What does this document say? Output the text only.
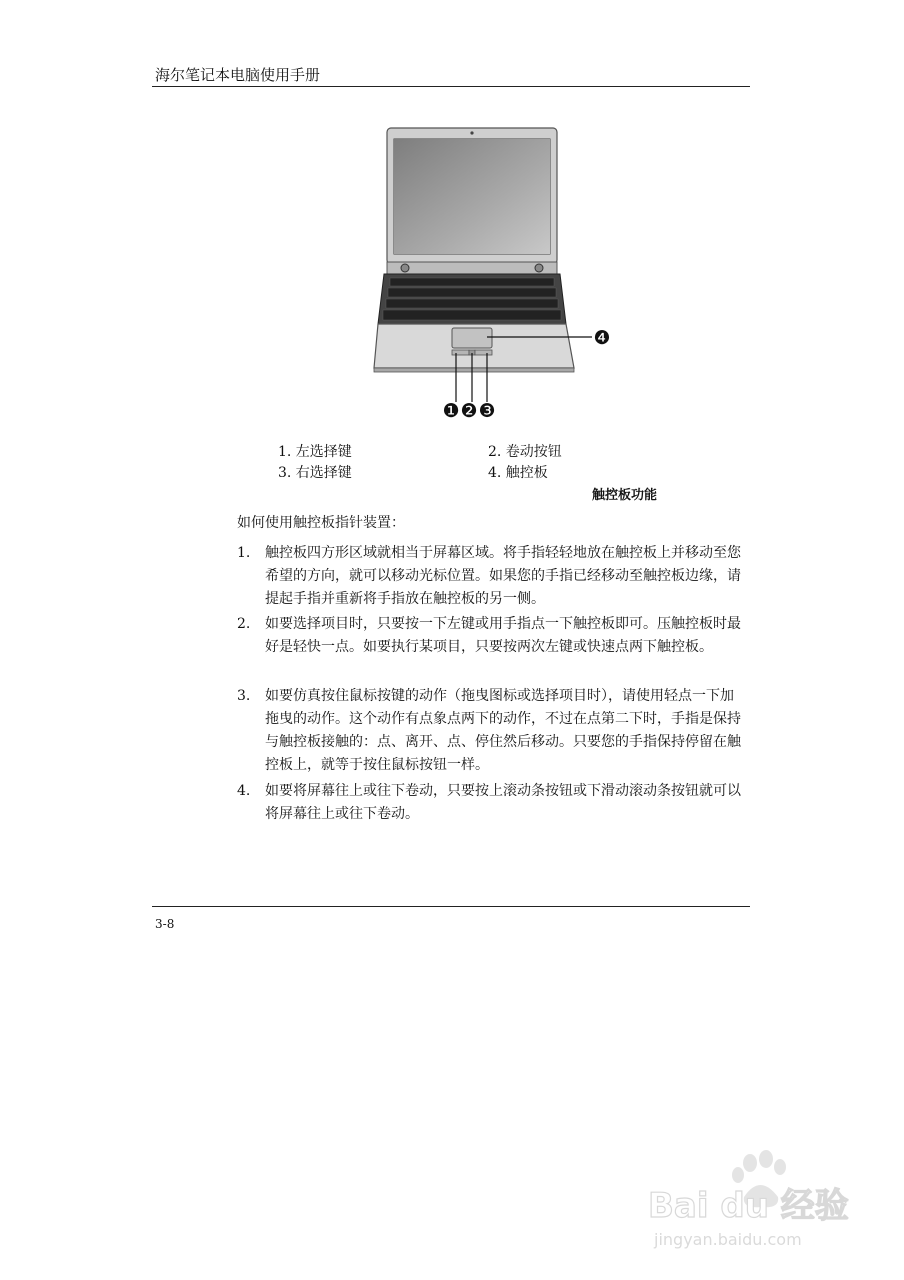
海尔笔记本电脑使用手册
❶ ❷ ❸
❹
1. 左选择键	2. 卷动按钮
3. 右选择键	4. 触控板
触控板功能
如何使用触控板指针装置：
1. 触控板四方形区域就相当于屏幕区域。将手指轻轻地放在触控板上并移动至您希望的方向，就可以移动光标位置。如果您的手指已经移动至触控板边缘，请提起手指并重新将手指放在触控板的另一侧。
2. 如要选择项目时，只要按一下左键或用手指点一下触控板即可。压触控板时最好是轻快一点。如要执行某项目，只要按两次左键或快速点两下触控板。
3. 如要仿真按住鼠标按键的动作（拖曳图标或选择项目时），请使用轻点一下加拖曳的动作。这个动作有点象点两下的动作，不过在点第二下时，手指是保持与触控板接触的：点、离开、点、停住然后移动。只要您的手指保持停留在触控板上，就等于按住鼠标按钮一样。
4. 如要将屏幕往上或往下卷动，只要按上滚动条按钮或下滑动滚动条按钮就可以将屏幕往上或往下卷动。
3-8
Bai du 经验
jingyan.baidu.com
